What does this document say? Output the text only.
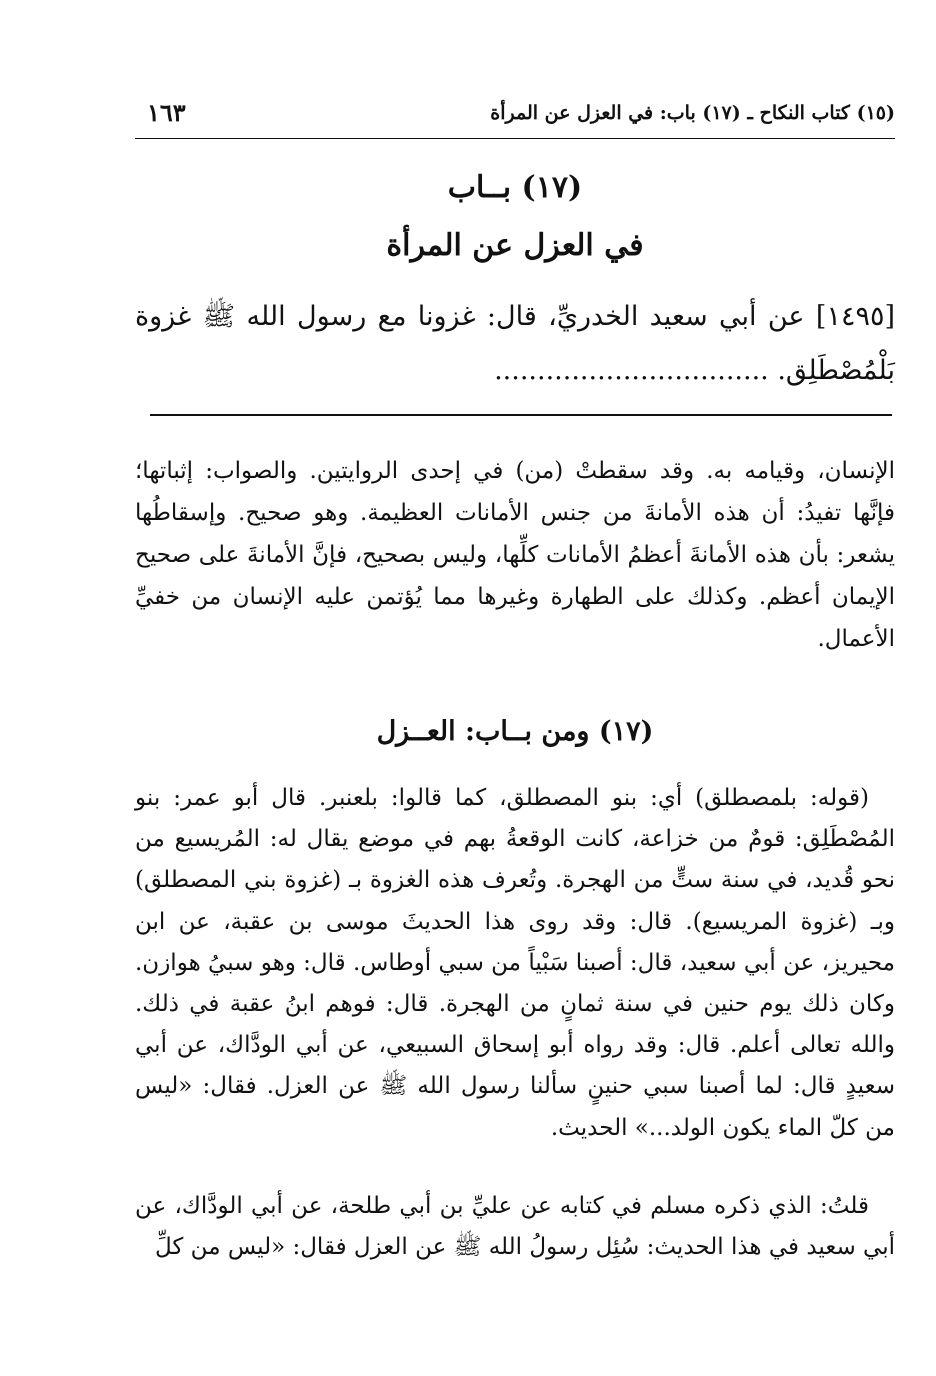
(١٥) كتاب النكاح ـ (١٧) باب: في العزل عن المرأة
١٦٣
(١٧) بــاب
في العزل عن المرأة
[١٤٩٥] عن أبي سعيد الخدريِّ، قال: غزونا مع رسول الله ﷺ غزوة بَلْمُصْطَلِق. ................................
الإنسان، وقيامه به. وقد سقطتْ (من) في إحدى الروايتين. والصواب: إثباتها؛ فإنَّها تفيدُ: أن هذه الأمانةَ من جنس الأمانات العظيمة. وهو صحيح. وإسقاطُها يشعر: بأن هذه الأمانةَ أعظمُ الأمانات كلِّها، وليس بصحيح، فإنَّ الأمانةَ على صحيح الإيمان أعظم. وكذلك على الطهارة وغيرها مما يُؤتمن عليه الإنسان من خفيِّ الأعمال.
(١٧) ومن بــاب: العــزل

(قوله: بلمصطلق) أي: بنو المصطلق، كما قالوا: بلعنبر. قال أبو عمر: بنو المُصْطَلِق: قومٌ من خزاعة، كانت الوقعةُ بهم في موضع يقال له: المُريسيع من نحو قُديد، في سنة ستٍّ من الهجرة. وتُعرف هذه الغزوة بـ (غزوة بني المصطلق) وبـ (غزوة المريسيع). قال: وقد روى هذا الحديثَ موسى بن عقبة، عن ابن محيريز، عن أبي سعيد، قال: أصبنا سَبْياً من سبي أوطاس. قال: وهو سبيُ هوازن. وكان ذلك يوم حنين في سنة ثمانٍ من الهجرة. قال: فوهم ابنُ عقبة في ذلك. والله تعالى أعلم. قال: وقد رواه أبو إسحاق السبيعي، عن أبي الودَّاك، عن أبي سعيدٍ قال: لما أصبنا سبي حنينٍ سألنا رسول الله ﷺ عن العزل. فقال: «ليس من كلّ الماء يكون الولد...» الحديث.

قلتُ: الذي ذكره مسلم في كتابه عن عليِّ بن أبي طلحة، عن أبي الودَّاك، عن أبي سعيد في هذا الحديث: سُئِل رسولُ الله ﷺ عن العزل فقال: «ليس من كلِّ
